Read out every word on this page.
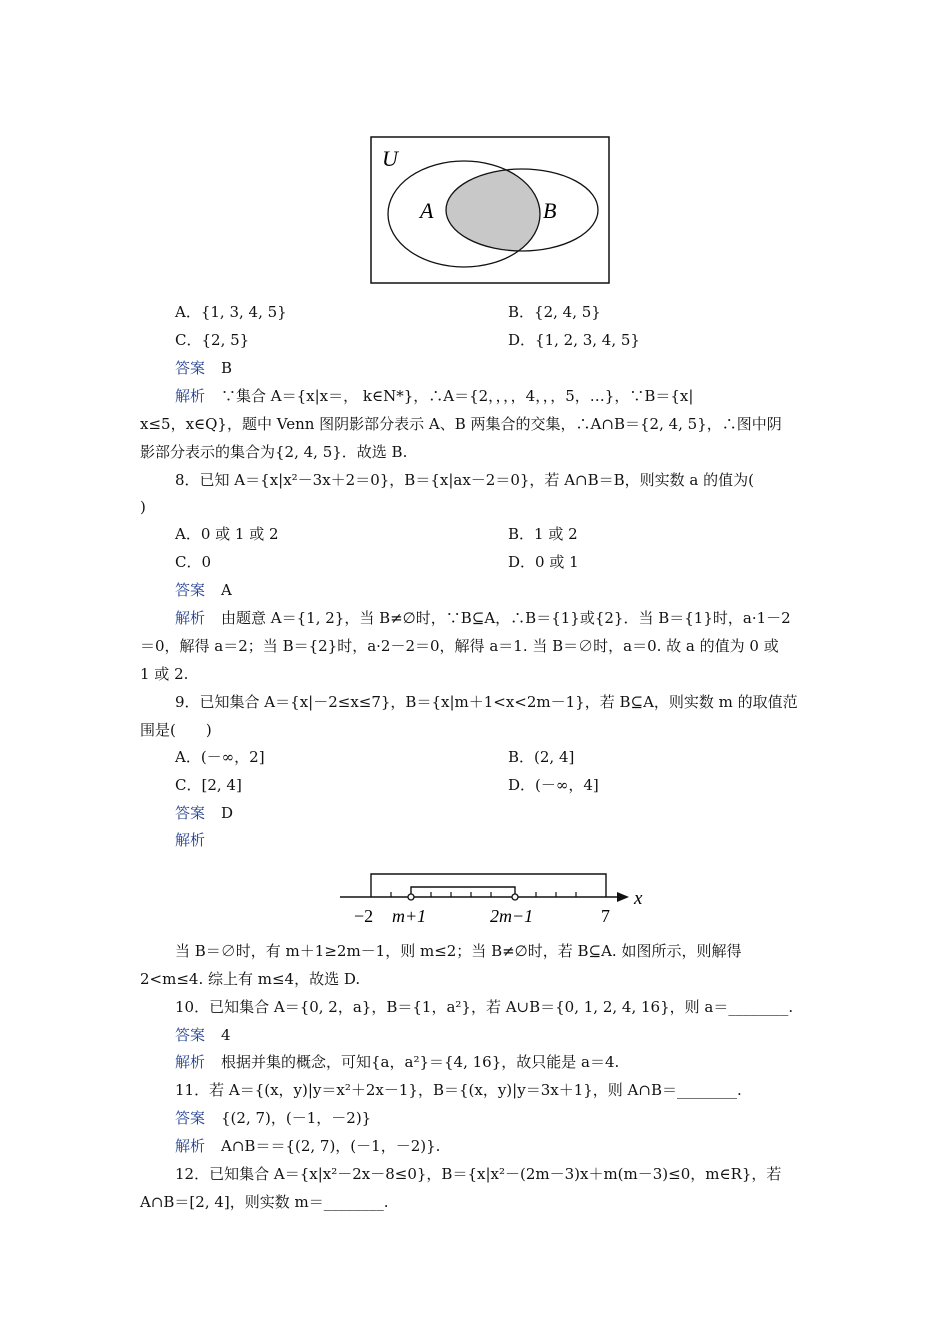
U
A	B
A．{1, 3, 4, 5}	B．{2, 4, 5}
C．{2, 5}	D．{1, 2, 3, 4, 5}
答案 B
解析 ∵集合 A＝{x|x＝， k∈N*}，∴A＝{2，，，，4，，，5，…}，∵B＝{x|
x≤5，x∈Q}，题中 Venn 图阴影部分表示 A、B 两集合的交集，∴A∩B＝{2, 4, 5}，∴图中阴
影部分表示的集合为{2, 4, 5}．故选 B.
8．已知 A＝{x|x²－3x＋2＝0}，B＝{x|ax－2＝0}，若 A∩B＝B，则实数 a 的值为(
)
A．0 或 1 或 2	B．1 或 2
C．0	D．0 或 1
答案 A
解析 由题意 A＝{1, 2}，当 B≠∅时，∵B⊆A，∴B＝{1}或{2}．当 B＝{1}时，a·1－2
＝0，解得 a＝2；当 B＝{2}时，a·2－2＝0，解得 a＝1. 当 B＝∅时，a＝0. 故 a 的值为 0 或
1 或 2.
9．已知集合 A＝{x|－2≤x≤7}，B＝{x|m＋1<x<2m－1}，若 B⊆A，则实数 m 的取值范
围是(　　)
A．(－∞，2]	B．(2, 4]
C．[2, 4]	D．(－∞，4]
答案 D
解析
x
−2 m+1	2m−1	7
当 B＝∅时，有 m＋1≥2m－1，则 m≤2；当 B≠∅时，若 B⊆A. 如图所示，则解得
2<m≤4. 综上有 m≤4，故选 D.
10．已知集合 A＝{0, 2，a}，B＝{1，a²}，若 A∪B＝{0, 1, 2, 4, 16}，则 a＝________.
答案 4
解析 根据并集的概念，可知{a，a²}＝{4, 16}，故只能是 a＝4.
11．若 A＝{(x，y)|y＝x²＋2x－1}，B＝{(x，y)|y＝3x＋1}，则 A∩B＝________.
答案 {(2, 7)，(－1，－2)}
解析 A∩B＝＝{(2, 7)，(－1，－2)}.
12．已知集合 A＝{x|x²－2x－8≤0}，B＝{x|x²－(2m－3)x＋m(m－3)≤0，m∈R}，若
A∩B＝[2, 4]，则实数 m＝________.
